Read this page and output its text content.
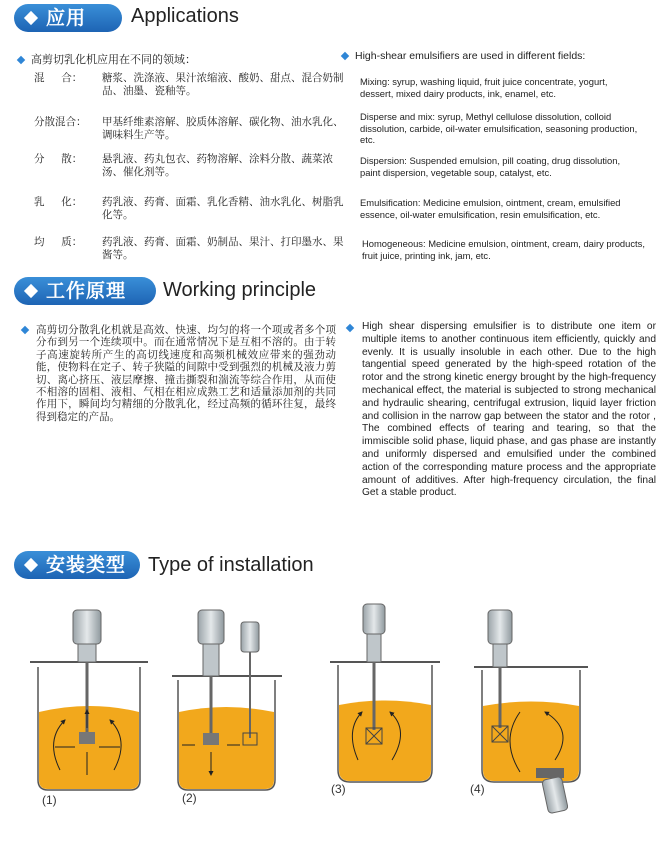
应用 Applications
高剪切乳化机应用在不同的领域：	High-shear emulsifiers are used in different fields:
混     合： 糖浆、洗涤液、果汁浓缩液、酸奶、甜点、混合奶制品、油墨、瓷釉等。
分散混合： 甲基纤维素溶解、胶质体溶解、碳化物、油水乳化、调味料生产等。
分     散： 悬乳液、药丸包衣、药物溶解、涂料分散、蔬菜浓汤、催化剂等。
乳     化： 药乳液、药膏、面霜、乳化香精、油水乳化、树脂乳化等。
均     质： 药乳液、药膏、面霜、奶制品、果汁、打印墨水、果酱等。
Mixing: syrup, washing liquid, fruit juice concentrate, yogurt, dessert, mixed dairy products, ink, enamel, etc.
Disperse and mix: syrup, Methyl cellulose dissolution, colloid dissolution, carbide, oil-water emulsification, seasoning production, etc.
Dispersion: Suspended emulsion, pill coating, drug dissolution, paint dispersion, vegetable soup, catalyst, etc.
Emulsification: Medicine emulsion, ointment, cream, emulsified essence, oil-water emulsification, resin emulsification, etc.
Homogeneous: Medicine emulsion, ointment, cream, dairy products, fruit juice, printing ink, jam, etc.
工作原理 Working principle
高剪切分散乳化机就是高效、快速、均匀的将一个项或者多个项分布到另一个连续项中。而在通常情况下是互相不溶的。由于转子高速旋转所产生的高切线速度和高频机械效应带来的强劲动能，使物料在定子、转子狭隘的间隙中受到强烈的机械及液力剪切、离心挤压、液层摩擦、撞击撕裂和湍流等综合作用，从而使不相溶的固相、液相、气相在相应成熟工艺和适量添加剂的共同作用下，瞬间均匀精细的分散乳化，经过高频的循环往复，最终得到稳定的产品。
High shear dispersing emulsifier is to distribute one item or multiple items to another continuous item efficiently, quickly and evenly. It is usually insoluble in each other. Due to the high tangential speed generated by the high-speed rotation of the rotor and the strong kinetic energy brought by the high-frequency mechanical effect, the material is subjected to strong mechanical and hydraulic shearing, centrifugal extrusion, liquid layer friction and collision in the narrow gap between the stator and the rotor , The combined effects of tearing and tearing, so that the immiscible solid phase, liquid phase, and gas phase are instantly and uniformly dispersed and emulsified under the combined action of the corresponding mature process and the appropriate amount of additives. After high-frequency circulation, the final Get a stable product.
安装类型 Type of installation
(1)	(2)
(3)	(4)
